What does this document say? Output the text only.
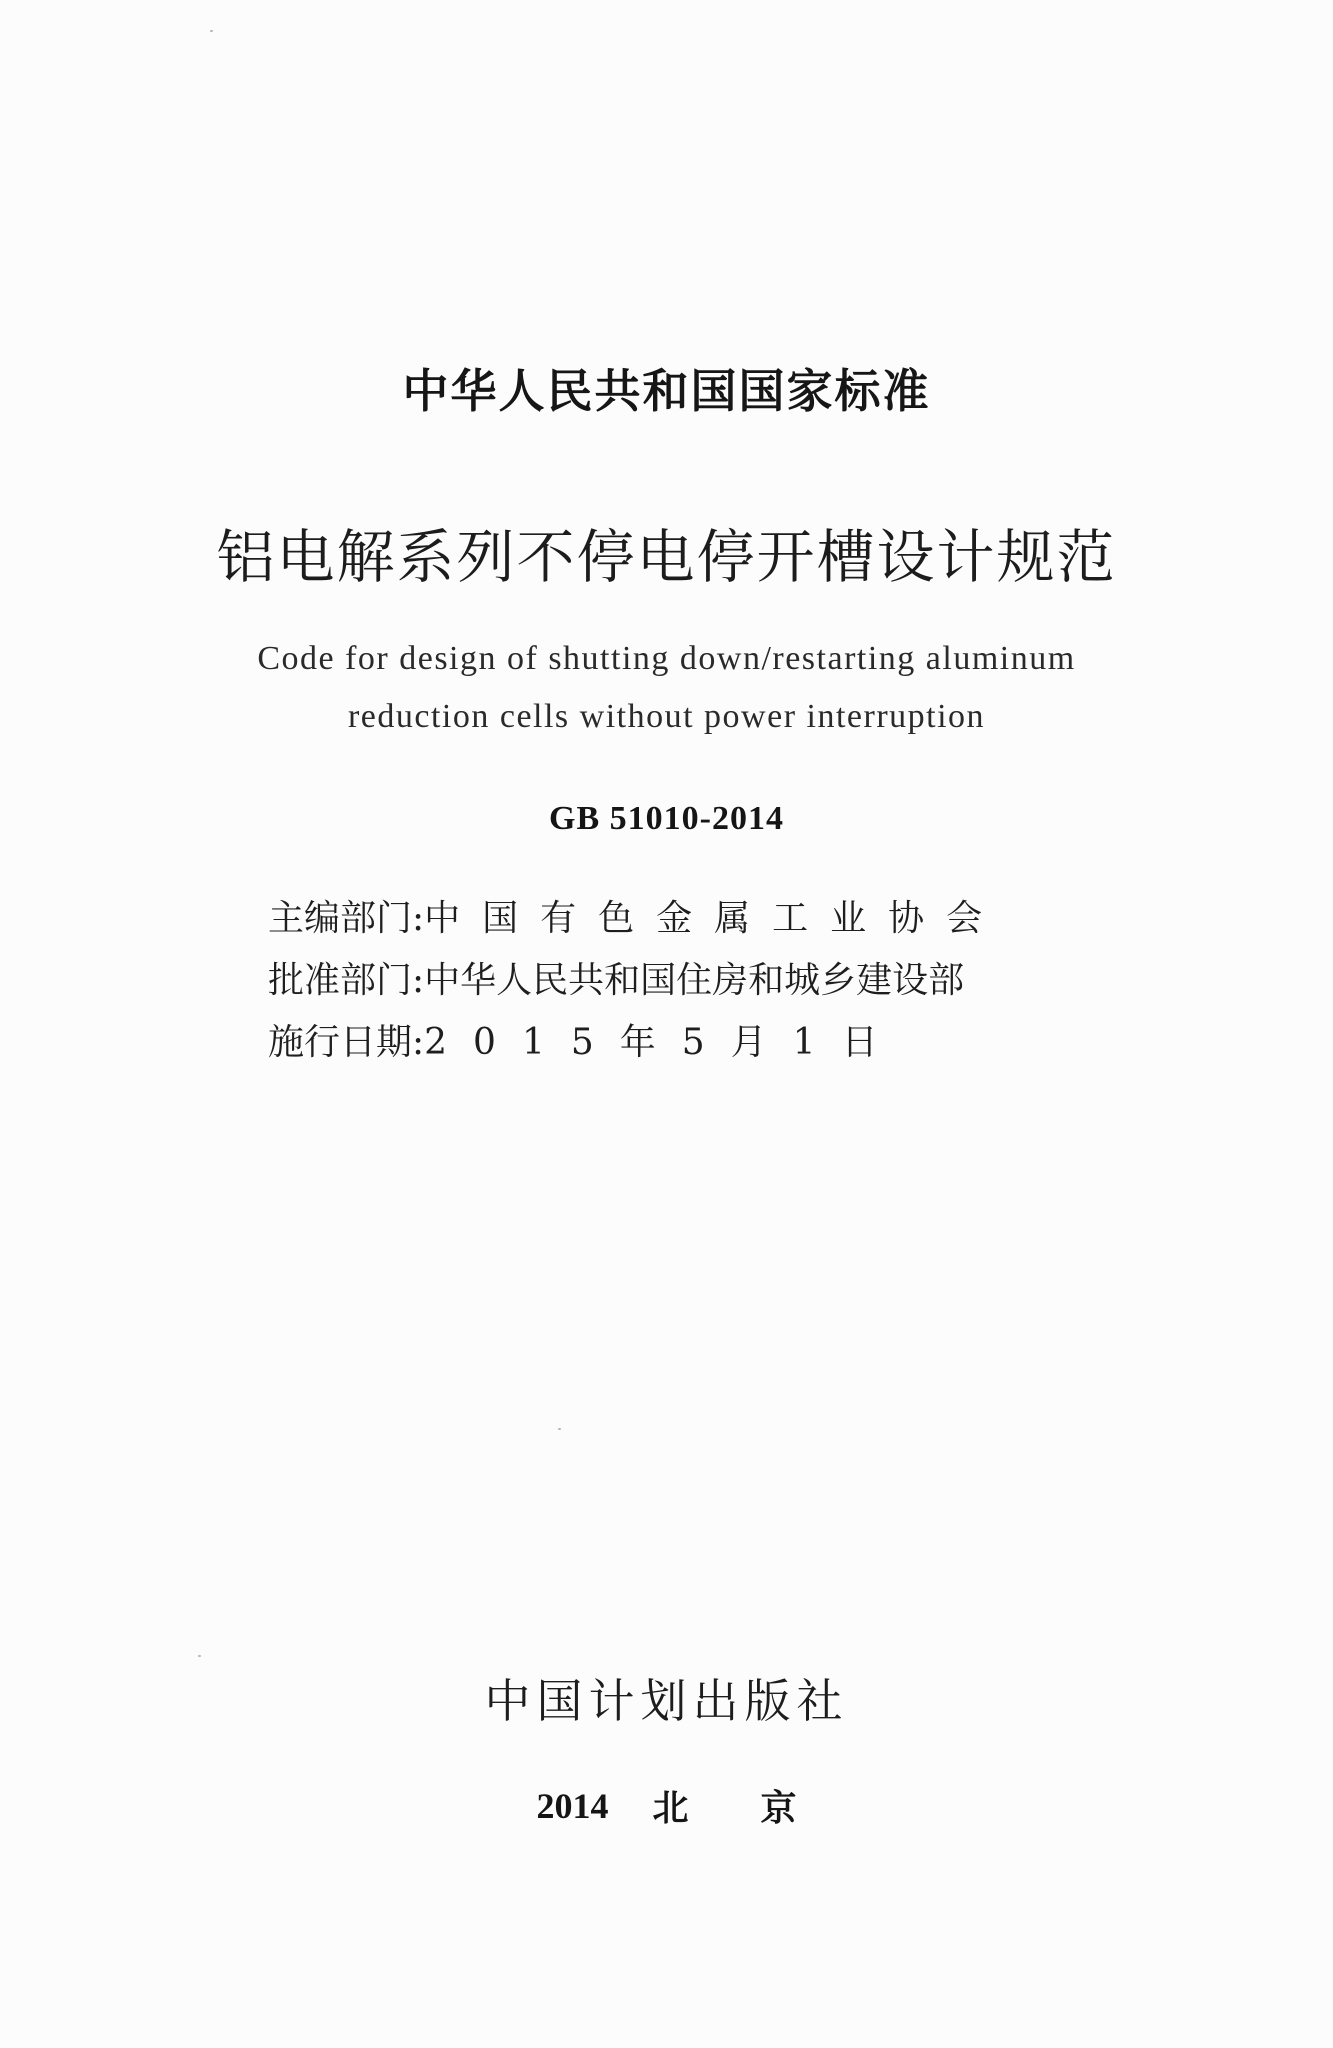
中华人民共和国国家标准
铝电解系列不停电停开槽设计规范
Code for design of shutting down/restarting aluminum
reduction cells without power interruption
GB 51010-2014
主编部门: 中国有色金属工业协会
批准部门: 中华人民共和国住房和城乡建设部
施行日期: 2015年5月1日
中国计划出版社
2014 北京
